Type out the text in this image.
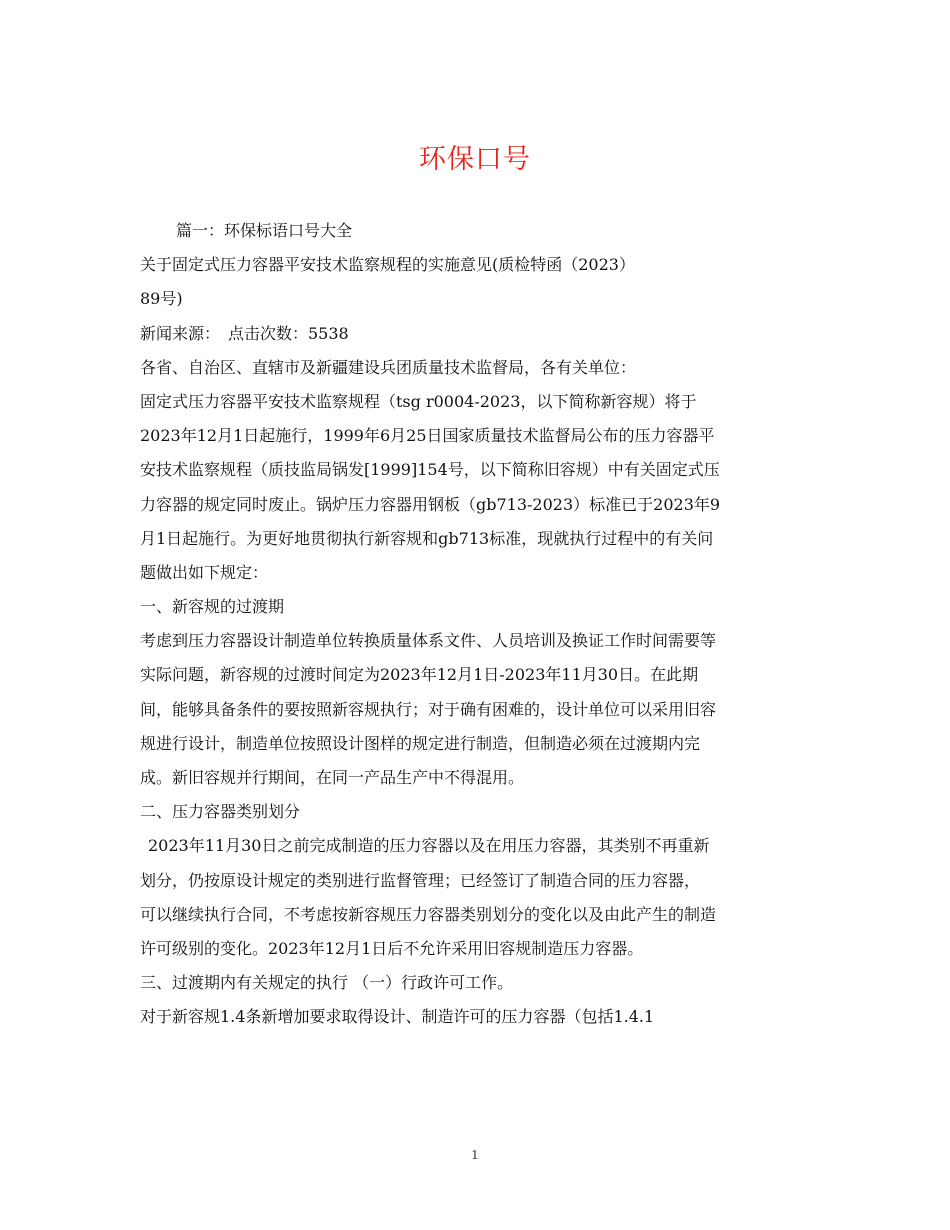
环保口号
篇一：环保标语口号大全
关于固定式压力容器平安技术监察规程的实施意见(质检特函（2023）
89号)
新闻来源：　点击次数：5538
各省、自治区、直辖市及新疆建设兵团质量技术监督局，各有关单位：
固定式压力容器平安技术监察规程（tsg r0004-2023，以下简称新容规）将于
2023年12月1日起施行，1999年6月25日国家质量技术监督局公布的压力容器平
安技术监察规程（质技监局锅发[1999]154号，以下简称旧容规）中有关固定式压
力容器的规定同时废止。锅炉压力容器用钢板（gb713-2023）标准已于2023年9
月1日起施行。为更好地贯彻执行新容规和gb713标准，现就执行过程中的有关问
题做出如下规定：
一、新容规的过渡期
考虑到压力容器设计制造单位转换质量体系文件、人员培训及换证工作时间需要等
实际问题，新容规的过渡时间定为2023年12月1日-2023年11月30日。在此期
间，能够具备条件的要按照新容规执行；对于确有困难的，设计单位可以采用旧容
规进行设计，制造单位按照设计图样的规定进行制造，但制造必须在过渡期内完
成。新旧容规并行期间，在同一产品生产中不得混用。
二、压力容器类别划分
2023年11月30日之前完成制造的压力容器以及在用压力容器，其类别不再重新
划分，仍按原设计规定的类别进行监督管理；已经签订了制造合同的压力容器，
可以继续执行合同，不考虑按新容规压力容器类别划分的变化以及由此产生的制造
许可级别的变化。2023年12月1日后不允许采用旧容规制造压力容器。
三、过渡期内有关规定的执行 （一）行政许可工作。
对于新容规1.4条新增加要求取得设计、制造许可的压力容器（包括1.4.1
1
